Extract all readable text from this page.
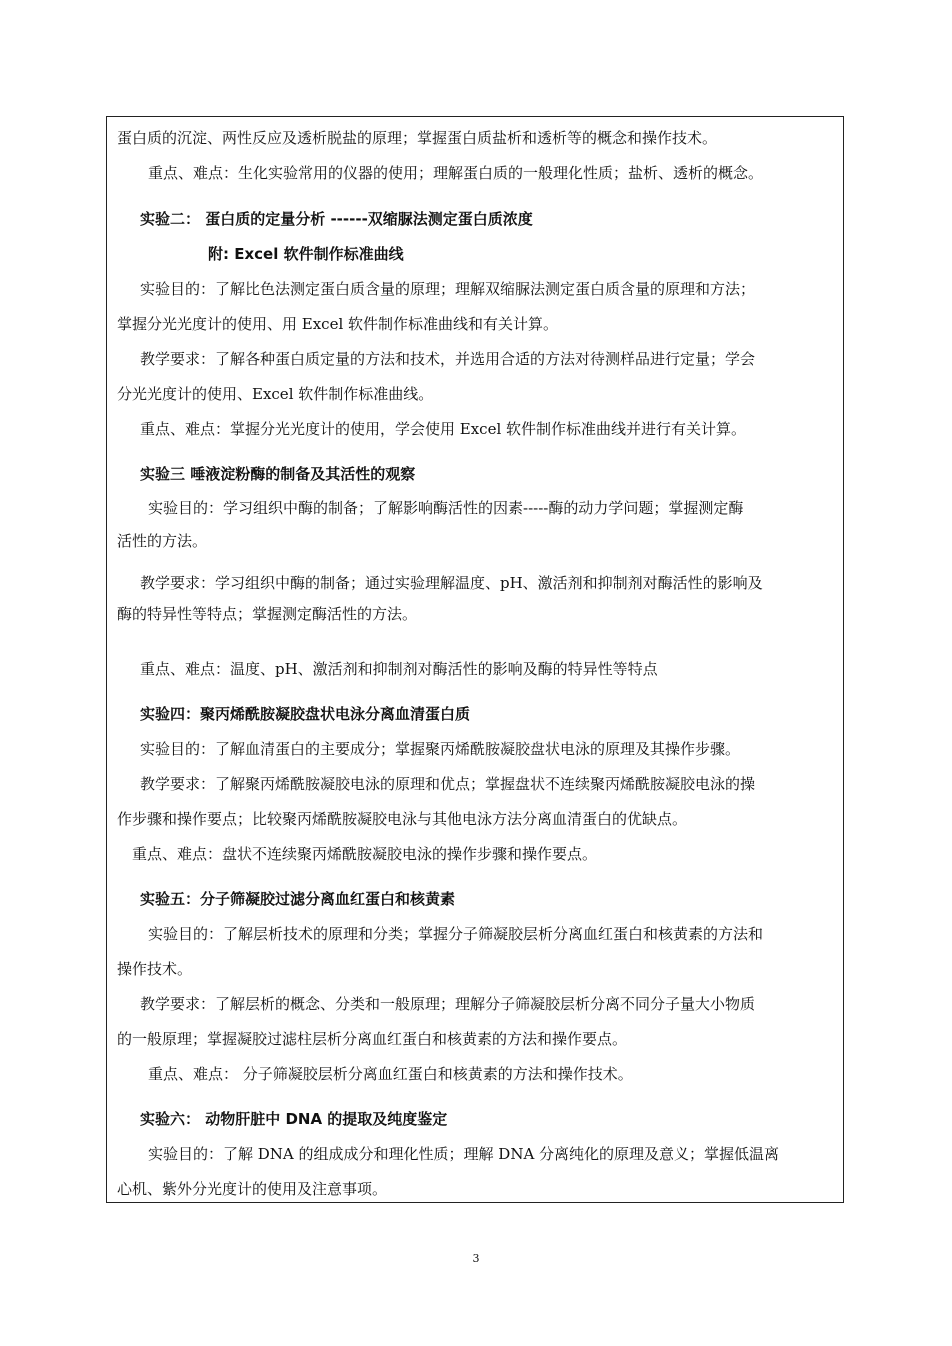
蛋白质的沉淀、两性反应及透析脱盐的原理；掌握蛋白质盐析和透析等的概念和操作技术。
重点、难点：生化实验常用的仪器的使用；理解蛋白质的一般理化性质；盐析、透析的概念。
实验二： 蛋白质的定量分析 ------双缩脲法测定蛋白质浓度
附: Excel 软件制作标准曲线
实验目的：了解比色法测定蛋白质含量的原理；理解双缩脲法测定蛋白质含量的原理和方法；
掌握分光光度计的使用、用 Excel 软件制作标准曲线和有关计算。
教学要求：了解各种蛋白质定量的方法和技术，并选用合适的方法对待测样品进行定量；学会
分光光度计的使用、Excel 软件制作标准曲线。
重点、难点：掌握分光光度计的使用，学会使用 Excel 软件制作标准曲线并进行有关计算。
实验三 唾液淀粉酶的制备及其活性的观察
实验目的：学习组织中酶的制备；了解影响酶活性的因素-----酶的动力学问题；掌握测定酶
活性的方法。
教学要求：学习组织中酶的制备；通过实验理解温度、pH、激活剂和抑制剂对酶活性的影响及
酶的特异性等特点；掌握测定酶活性的方法。
重点、难点：温度、pH、激活剂和抑制剂对酶活性的影响及酶的特异性等特点
实验四：聚丙烯酰胺凝胶盘状电泳分离血清蛋白质
实验目的：了解血清蛋白的主要成分；掌握聚丙烯酰胺凝胶盘状电泳的原理及其操作步骤。
教学要求：了解聚丙烯酰胺凝胶电泳的原理和优点；掌握盘状不连续聚丙烯酰胺凝胶电泳的操
作步骤和操作要点；比较聚丙烯酰胺凝胶电泳与其他电泳方法分离血清蛋白的优缺点。
重点、难点：盘状不连续聚丙烯酰胺凝胶电泳的操作步骤和操作要点。
实验五：分子筛凝胶过滤分离血红蛋白和核黄素
实验目的：了解层析技术的原理和分类；掌握分子筛凝胶层析分离血红蛋白和核黄素的方法和
操作技术。
教学要求：了解层析的概念、分类和一般原理；理解分子筛凝胶层析分离不同分子量大小物质
的一般原理；掌握凝胶过滤柱层析分离血红蛋白和核黄素的方法和操作要点。
重点、难点： 分子筛凝胶层析分离血红蛋白和核黄素的方法和操作技术。
实验六： 动物肝脏中 DNA 的提取及纯度鉴定
实验目的：了解 DNA 的组成成分和理化性质；理解 DNA 分离纯化的原理及意义；掌握低温离
心机、紫外分光度计的使用及注意事项。
3
